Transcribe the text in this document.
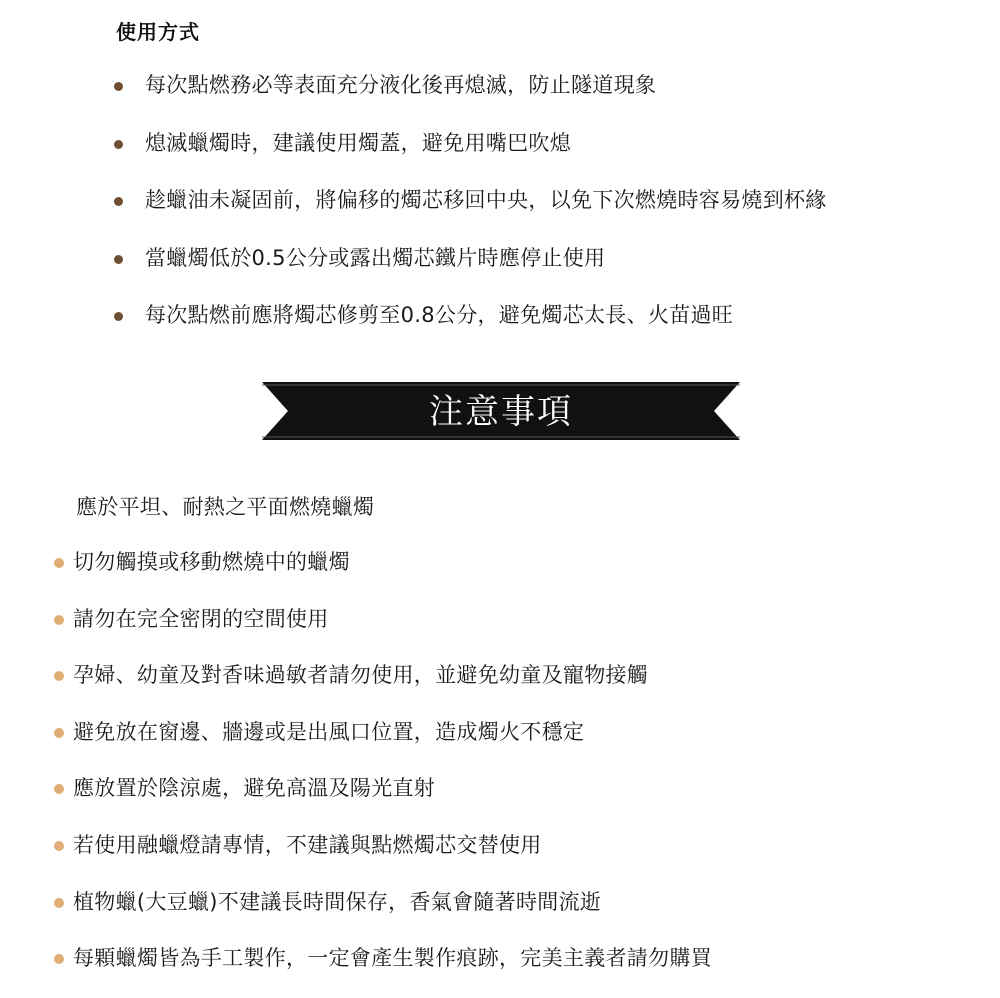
使用方式
每次點燃務必等表面充分液化後再熄滅，防止隧道現象
熄滅蠟燭時，建議使用燭蓋，避免用嘴巴吹熄
趁蠟油未凝固前，將偏移的燭芯移回中央，以免下次燃燒時容易燒到杯緣
當蠟燭低於0.5公分或露出燭芯鐵片時應停止使用
每次點燃前應將燭芯修剪至0.8公分，避免燭芯太長、火苗過旺
注意事項
應於平坦、耐熱之平面燃燒蠟燭
切勿觸摸或移動燃燒中的蠟燭
請勿在完全密閉的空間使用
孕婦、幼童及對香味過敏者請勿使用，並避免幼童及寵物接觸
避免放在窗邊、牆邊或是出風口位置，造成燭火不穩定
應放置於陰涼處，避免高溫及陽光直射
若使用融蠟燈請專情，不建議與點燃燭芯交替使用
植物蠟(大豆蠟)不建議長時間保存，香氣會隨著時間流逝
每顆蠟燭皆為手工製作，一定會產生製作痕跡，完美主義者請勿購買
